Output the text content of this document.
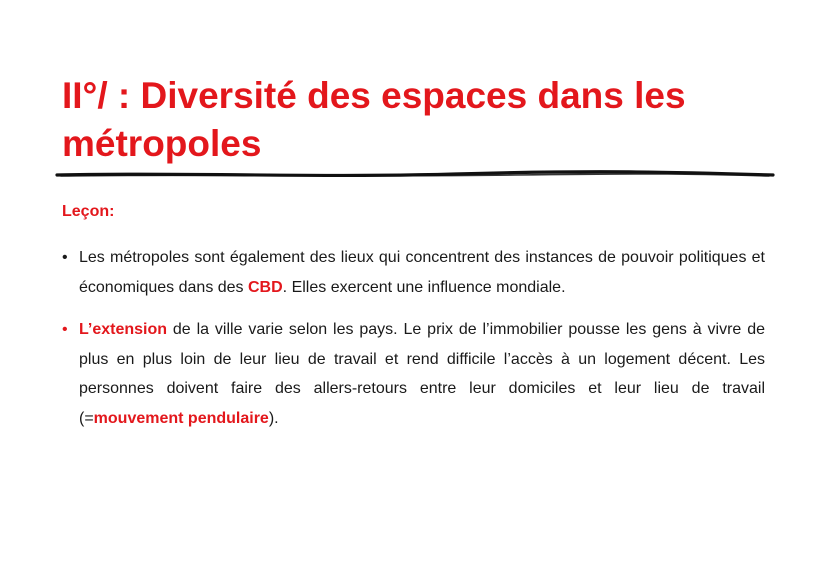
II°/ : Diversité des espaces dans les métropoles
Leçon:
• Les métropoles sont également des lieux qui concentrent des instances de pouvoir politiques et économiques dans des CBD. Elles exercent une influence mondiale.
• L’extension de la ville varie selon les pays. Le prix de l’immobilier pousse les gens à vivre de plus en plus loin de leur lieu de travail et rend difficile l’accès à un logement décent. Les personnes doivent faire des allers-retours entre leur domiciles et leur lieu de travail (=mouvement pendulaire).
